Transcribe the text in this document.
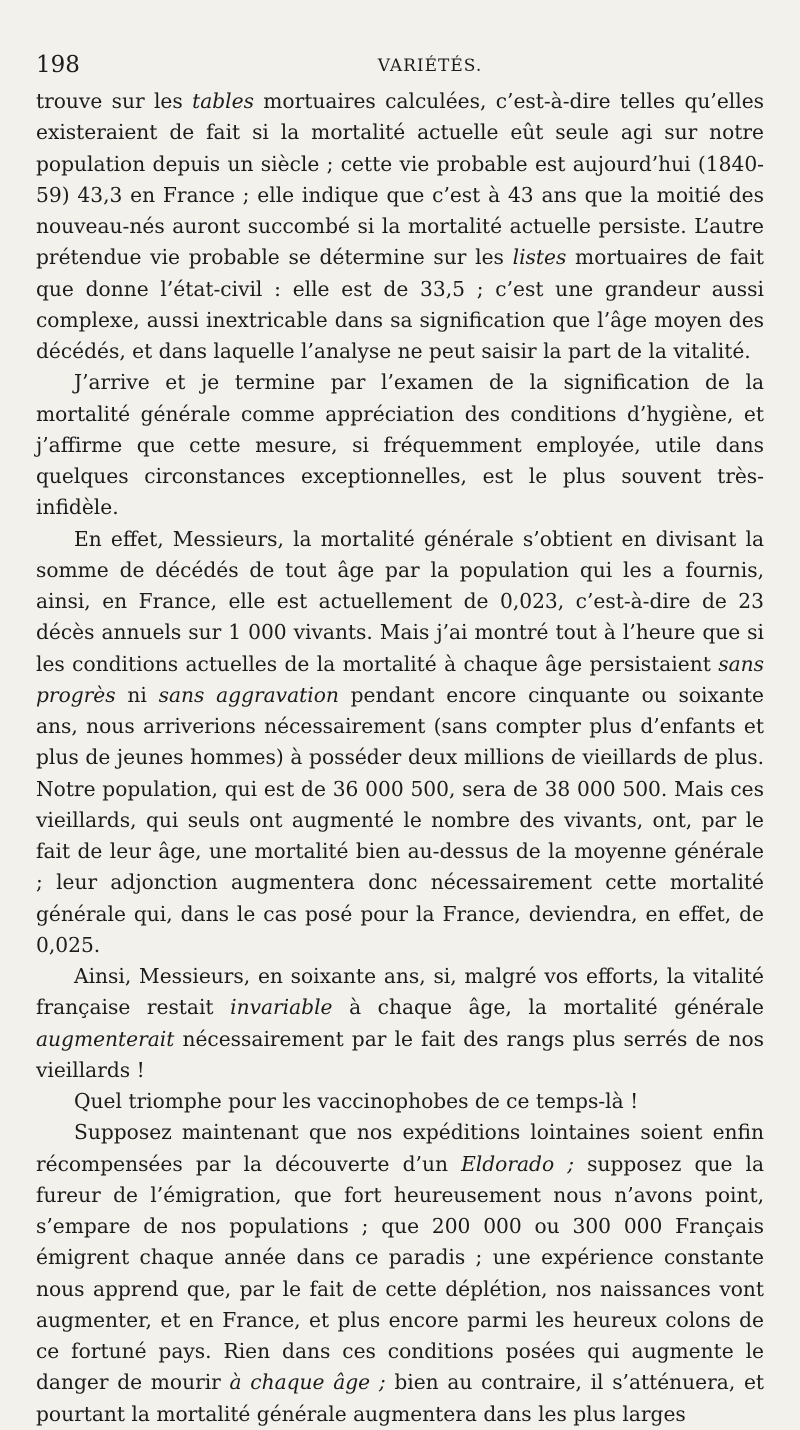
198	VARIÉTÉS.

trouve sur les tables mortuaires calculées, c’est-à-dire telles qu’elles existeraient de fait si la mortalité actuelle eût seule agi sur notre population depuis un siècle ; cette vie probable est aujourd’hui (1840-59) 43,3 en France ; elle indique que c’est à 43 ans que la moitié des nouveau-nés auront succombé si la mortalité actuelle persiste. L’autre prétendue vie probable se détermine sur les listes mortuaires de fait que donne l’état-civil : elle est de 33,5 ; c’est une grandeur aussi complexe, aussi inextricable dans sa signification que l’âge moyen des décédés, et dans laquelle l’analyse ne peut saisir la part de la vitalité.

J’arrive et je termine par l’examen de la signification de la mortalité générale comme appréciation des conditions d’hygiène, et j’affirme que cette mesure, si fréquemment employée, utile dans quelques circonstances exceptionnelles, est le plus souvent très-infidèle.

En effet, Messieurs, la mortalité générale s’obtient en divisant la somme de décédés de tout âge par la population qui les a fournis, ainsi, en France, elle est actuellement de 0,023, c’est-à-dire de 23 décès annuels sur 1 000 vivants. Mais j’ai montré tout à l’heure que si les conditions actuelles de la mortalité à chaque âge persistaient sans progrès ni sans aggravation pendant encore cinquante ou soixante ans, nous arriverions nécessairement (sans compter plus d’enfants et plus de jeunes hommes) à posséder deux millions de vieillards de plus. Notre population, qui est de 36 000 500, sera de 38 000 500. Mais ces vieillards, qui seuls ont augmenté le nombre des vivants, ont, par le fait de leur âge, une mortalité bien au-dessus de la moyenne générale ; leur adjonction augmentera donc nécessairement cette mortalité générale qui, dans le cas posé pour la France, deviendra, en effet, de 0,025.

Ainsi, Messieurs, en soixante ans, si, malgré vos efforts, la vitalité française restait invariable à chaque âge, la mortalité générale augmenterait nécessairement par le fait des rangs plus serrés de nos vieillards !

Quel triomphe pour les vaccinophobes de ce temps-là !

Supposez maintenant que nos expéditions lointaines soient enfin récompensées par la découverte d’un Eldorado ; supposez que la fureur de l’émigration, que fort heureusement nous n’avons point, s’empare de nos populations ; que 200 000 ou 300 000 Français émigrent chaque année dans ce paradis ; une expérience constante nous apprend que, par le fait de cette déplétion, nos naissances vont augmenter, et en France, et plus encore parmi les heureux colons de ce fortuné pays. Rien dans ces conditions posées qui augmente le danger de mourir à chaque âge ; bien au contraire, il s’atténuera, et pourtant la mortalité générale augmentera dans les plus larges
